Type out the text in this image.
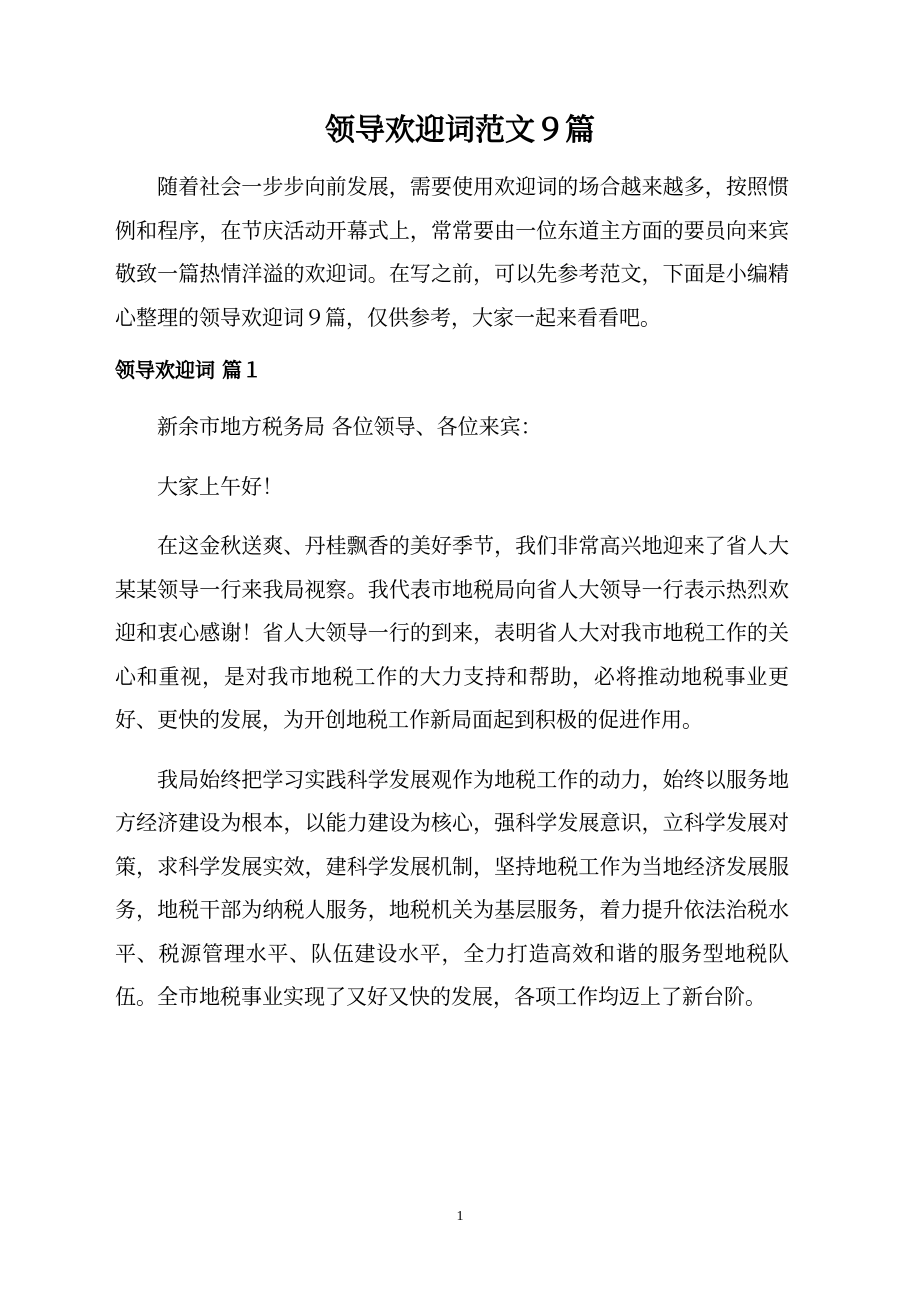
领导欢迎词范文９篇

随着社会一步步向前发展，需要使用欢迎词的场合越来越多，按照惯例和程序，在节庆活动开幕式上，常常要由一位东道主方面的要员向来宾敬致一篇热情洋溢的欢迎词。在写之前，可以先参考范文，下面是小编精心整理的领导欢迎词９篇，仅供参考，大家一起来看看吧。

领导欢迎词 篇１

新余市地方税务局 各位领导、各位来宾：

大家上午好！

在这金秋送爽、丹桂飘香的美好季节，我们非常高兴地迎来了省人大某某领导一行来我局视察。我代表市地税局向省人大领导一行表示热烈欢迎和衷心感谢！省人大领导一行的到来，表明省人大对我市地税工作的关心和重视，是对我市地税工作的大力支持和帮助，必将推动地税事业更好、更快的发展，为开创地税工作新局面起到积极的促进作用。

我局始终把学习实践科学发展观作为地税工作的动力，始终以服务地方经济建设为根本，以能力建设为核心，强科学发展意识，立科学发展对策，求科学发展实效，建科学发展机制，坚持地税工作为当地经济发展服务，地税干部为纳税人服务，地税机关为基层服务，着力提升依法治税水平、税源管理水平、队伍建设水平，全力打造高效和谐的服务型地税队伍。全市地税事业实现了又好又快的发展，各项工作均迈上了新台阶。

1
